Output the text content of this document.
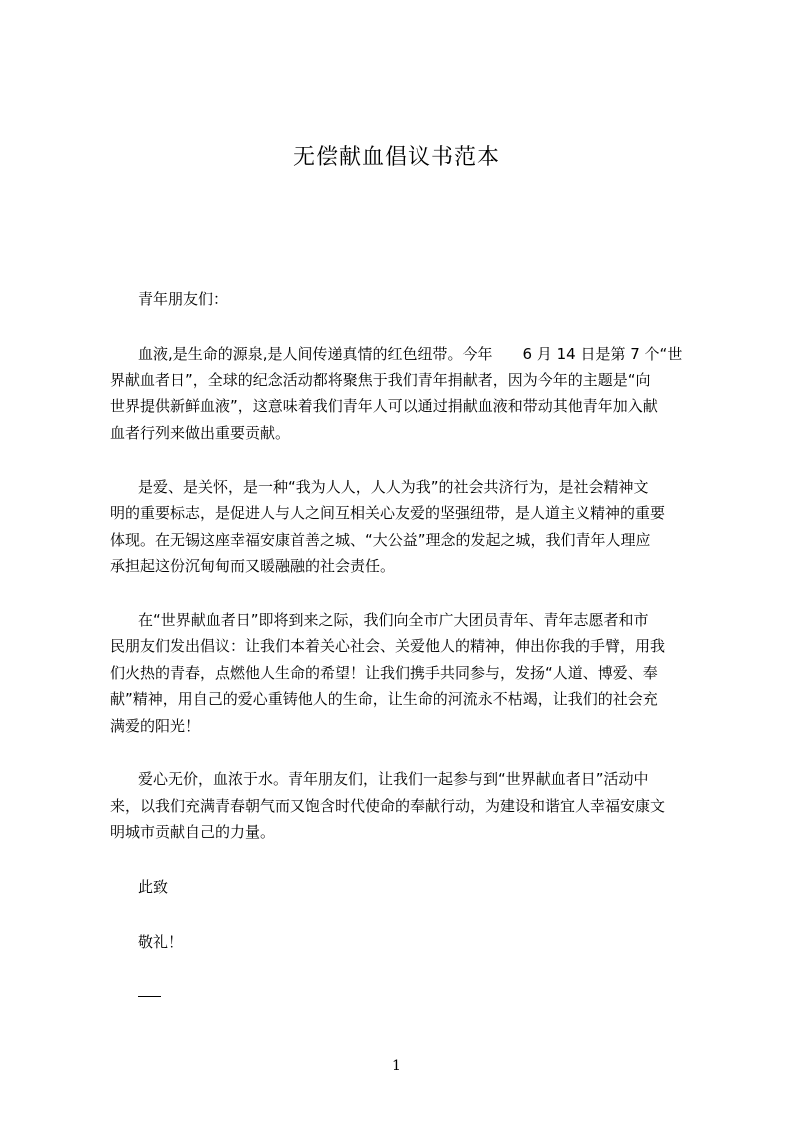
无偿献血倡议书范本
青年朋友们：
血液,是生命的源泉,是人间传递真情的红色纽带。今年　　6 月 14 日是第 7 个“世
界献血者日”，全球的纪念活动都将聚焦于我们青年捐献者，因为今年的主题是“向
世界提供新鲜血液”，这意味着我们青年人可以通过捐献血液和带动其他青年加入献
血者行列来做出重要贡献。
是爱、是关怀，是一种“我为人人，人人为我”的社会共济行为，是社会精神文
明的重要标志，是促进人与人之间互相关心友爱的坚强纽带，是人道主义精神的重要
体现。在无锡这座幸福安康首善之城、“大公益”理念的发起之城，我们青年人理应
承担起这份沉甸甸而又暖融融的社会责任。
在“世界献血者日”即将到来之际，我们向全市广大团员青年、青年志愿者和市
民朋友们发出倡议：让我们本着关心社会、关爱他人的精神，伸出你我的手臂，用我
们火热的青春，点燃他人生命的希望！让我们携手共同参与，发扬“人道、博爱、奉
献”精神，用自己的爱心重铸他人的生命，让生命的河流永不枯竭，让我们的社会充
满爱的阳光！
爱心无价，血浓于水。青年朋友们，让我们一起参与到“世界献血者日”活动中
来，以我们充满青春朝气而又饱含时代使命的奉献行动，为建设和谐宜人幸福安康文
明城市贡献自己的力量。
此致
敬礼！
1
